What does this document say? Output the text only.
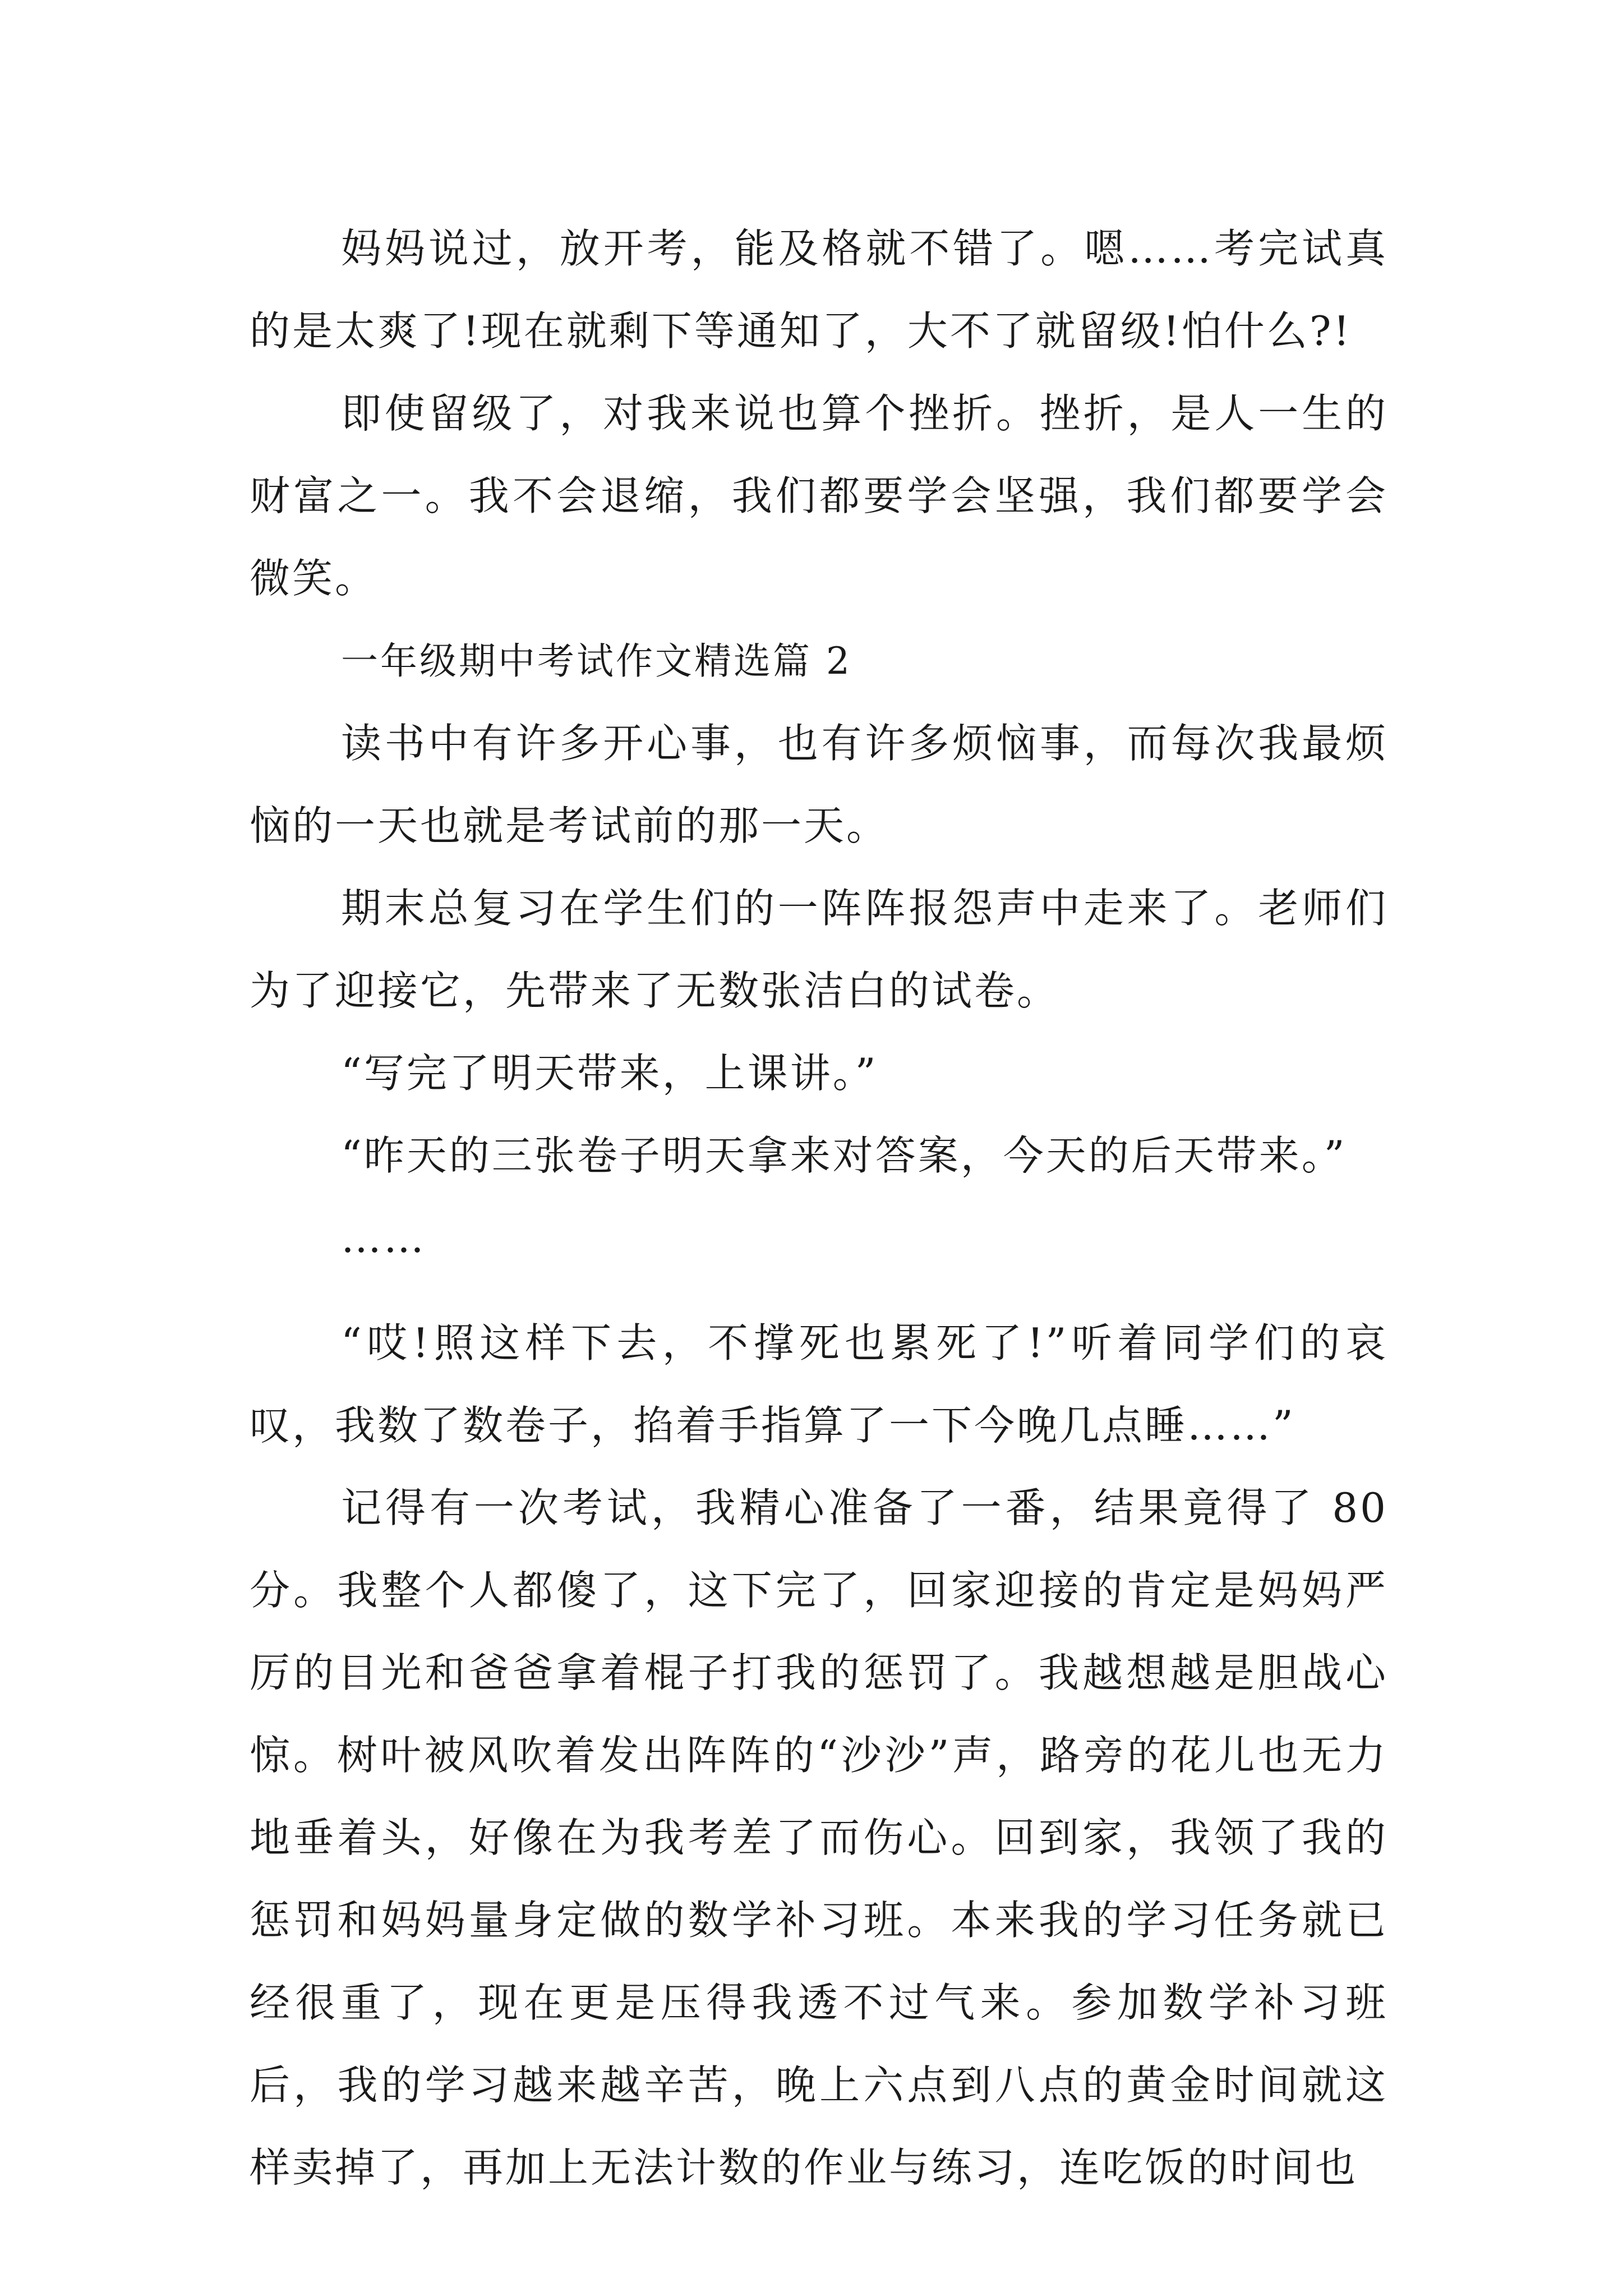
妈妈说过，放开考，能及格就不错了。嗯……考完试真的是太爽了!现在就剩下等通知了，大不了就留级!怕什么?!

即使留级了，对我来说也算个挫折。挫折，是人一生的财富之一。我不会退缩，我们都要学会坚强，我们都要学会微笑。

一年级期中考试作文精选篇 2

读书中有许多开心事，也有许多烦恼事，而每次我最烦恼的一天也就是考试前的那一天。

期末总复习在学生们的一阵阵报怨声中走来了。老师们为了迎接它，先带来了无数张洁白的试卷。

“写完了明天带来，上课讲。”

“昨天的三张卷子明天拿来对答案，今天的后天带来。”

……

“哎!照这样下去，不撑死也累死了!”听着同学们的哀叹，我数了数卷子，掐着手指算了一下今晚几点睡……”

记得有一次考试，我精心准备了一番，结果竟得了 80分。我整个人都傻了，这下完了，回家迎接的肯定是妈妈严厉的目光和爸爸拿着棍子打我的惩罚了。我越想越是胆战心惊。树叶被风吹着发出阵阵的“沙沙”声，路旁的花儿也无力地垂着头，好像在为我考差了而伤心。回到家，我领了我的惩罚和妈妈量身定做的数学补习班。本来我的学习任务就已经很重了，现在更是压得我透不过气来。参加数学补习班后，我的学习越来越辛苦，晚上六点到八点的黄金时间就这样卖掉了，再加上无法计数的作业与练习，连吃饭的时间也
